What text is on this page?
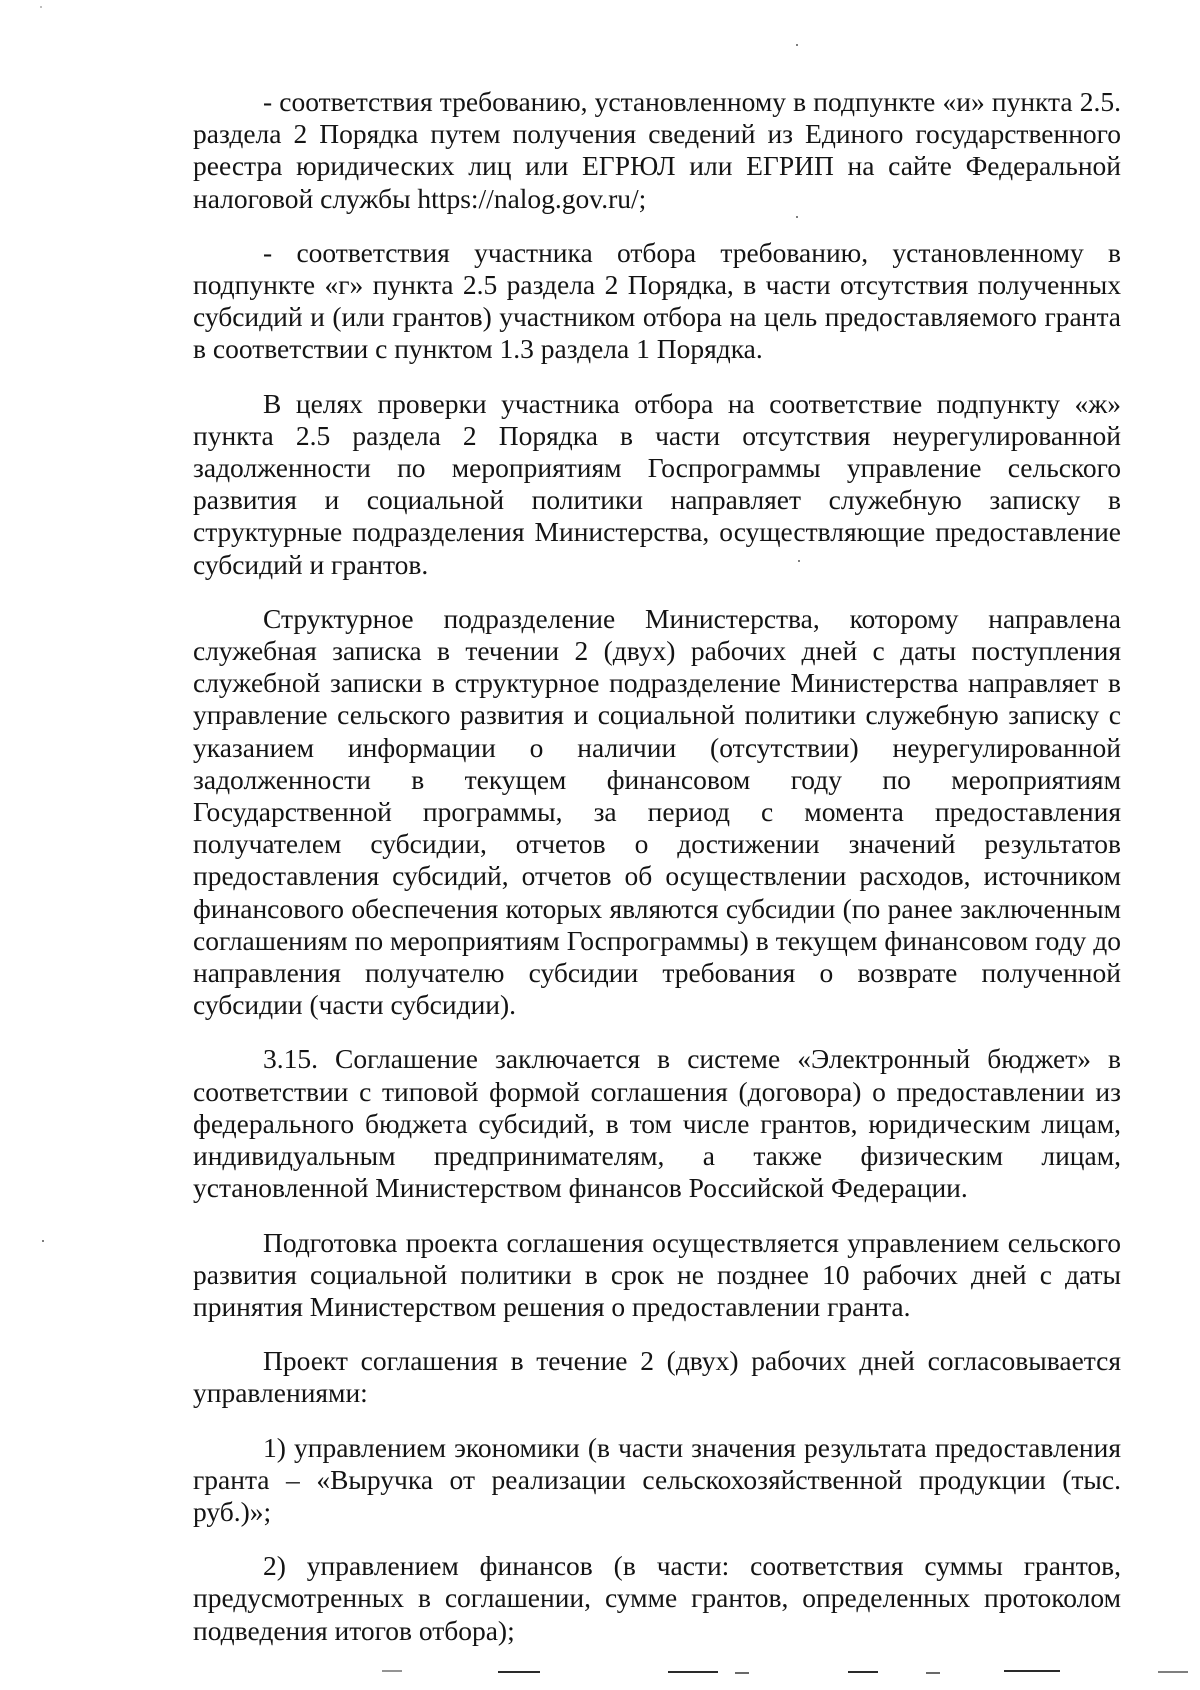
- соответствия требованию, установленному в подпункте «и» пункта 2.5. раздела 2 Порядка путем получения сведений из Единого государственного реестра юридических лиц или ЕГРЮЛ или ЕГРИП на сайте Федеральной налоговой службы https://nalog.gov.ru/;

- соответствия участника отбора требованию, установленному в подпункте «г» пункта 2.5 раздела 2 Порядка, в части отсутствия полученных субсидий и (или грантов) участником отбора на цель предоставляемого гранта в соответствии с пунктом 1.3 раздела 1 Порядка.

В целях проверки участника отбора на соответствие подпункту «ж» пункта 2.5 раздела 2 Порядка в части отсутствия неурегулированной задолженности по мероприятиям Госпрограммы управление сельского развития и социальной политики направляет служебную записку в структурные подразделения Министерства, осуществляющие предоставление субсидий и грантов.

Структурное подразделение Министерства, которому направлена служебная записка в течении 2 (двух) рабочих дней с даты поступления служебной записки в структурное подразделение Министерства направляет в управление сельского развития и социальной политики служебную записку с указанием информации о наличии (отсутствии) неурегулированной задолженности в текущем финансовом году по мероприятиям Государственной программы, за период с момента предоставления получателем субсидии, отчетов о достижении значений результатов предоставления субсидий, отчетов об осуществлении расходов, источником финансового обеспечения которых являются субсидии (по ранее заключенным соглашениям по мероприятиям Госпрограммы) в текущем финансовом году до направления получателю субсидии требования о возврате полученной субсидии (части субсидии).

3.15. Соглашение заключается в системе «Электронный бюджет» в соответствии с типовой формой соглашения (договора) о предоставлении из федерального бюджета субсидий, в том числе грантов, юридическим лицам, индивидуальным предпринимателям, а также физическим лицам, установленной Министерством финансов Российской Федерации.

Подготовка проекта соглашения осуществляется управлением сельского развития социальной политики в срок не позднее 10 рабочих дней с даты принятия Министерством решения о предоставлении гранта.

Проект соглашения в течение 2 (двух) рабочих дней согласовывается управлениями:

1) управлением экономики (в части значения результата предоставления гранта – «Выручка от реализации сельскохозяйственной продукции (тыс. руб.)»;

2) управлением финансов (в части: соответствия суммы грантов, предусмотренных в соглашении, сумме грантов, определенных протоколом подведения итогов отбора);
